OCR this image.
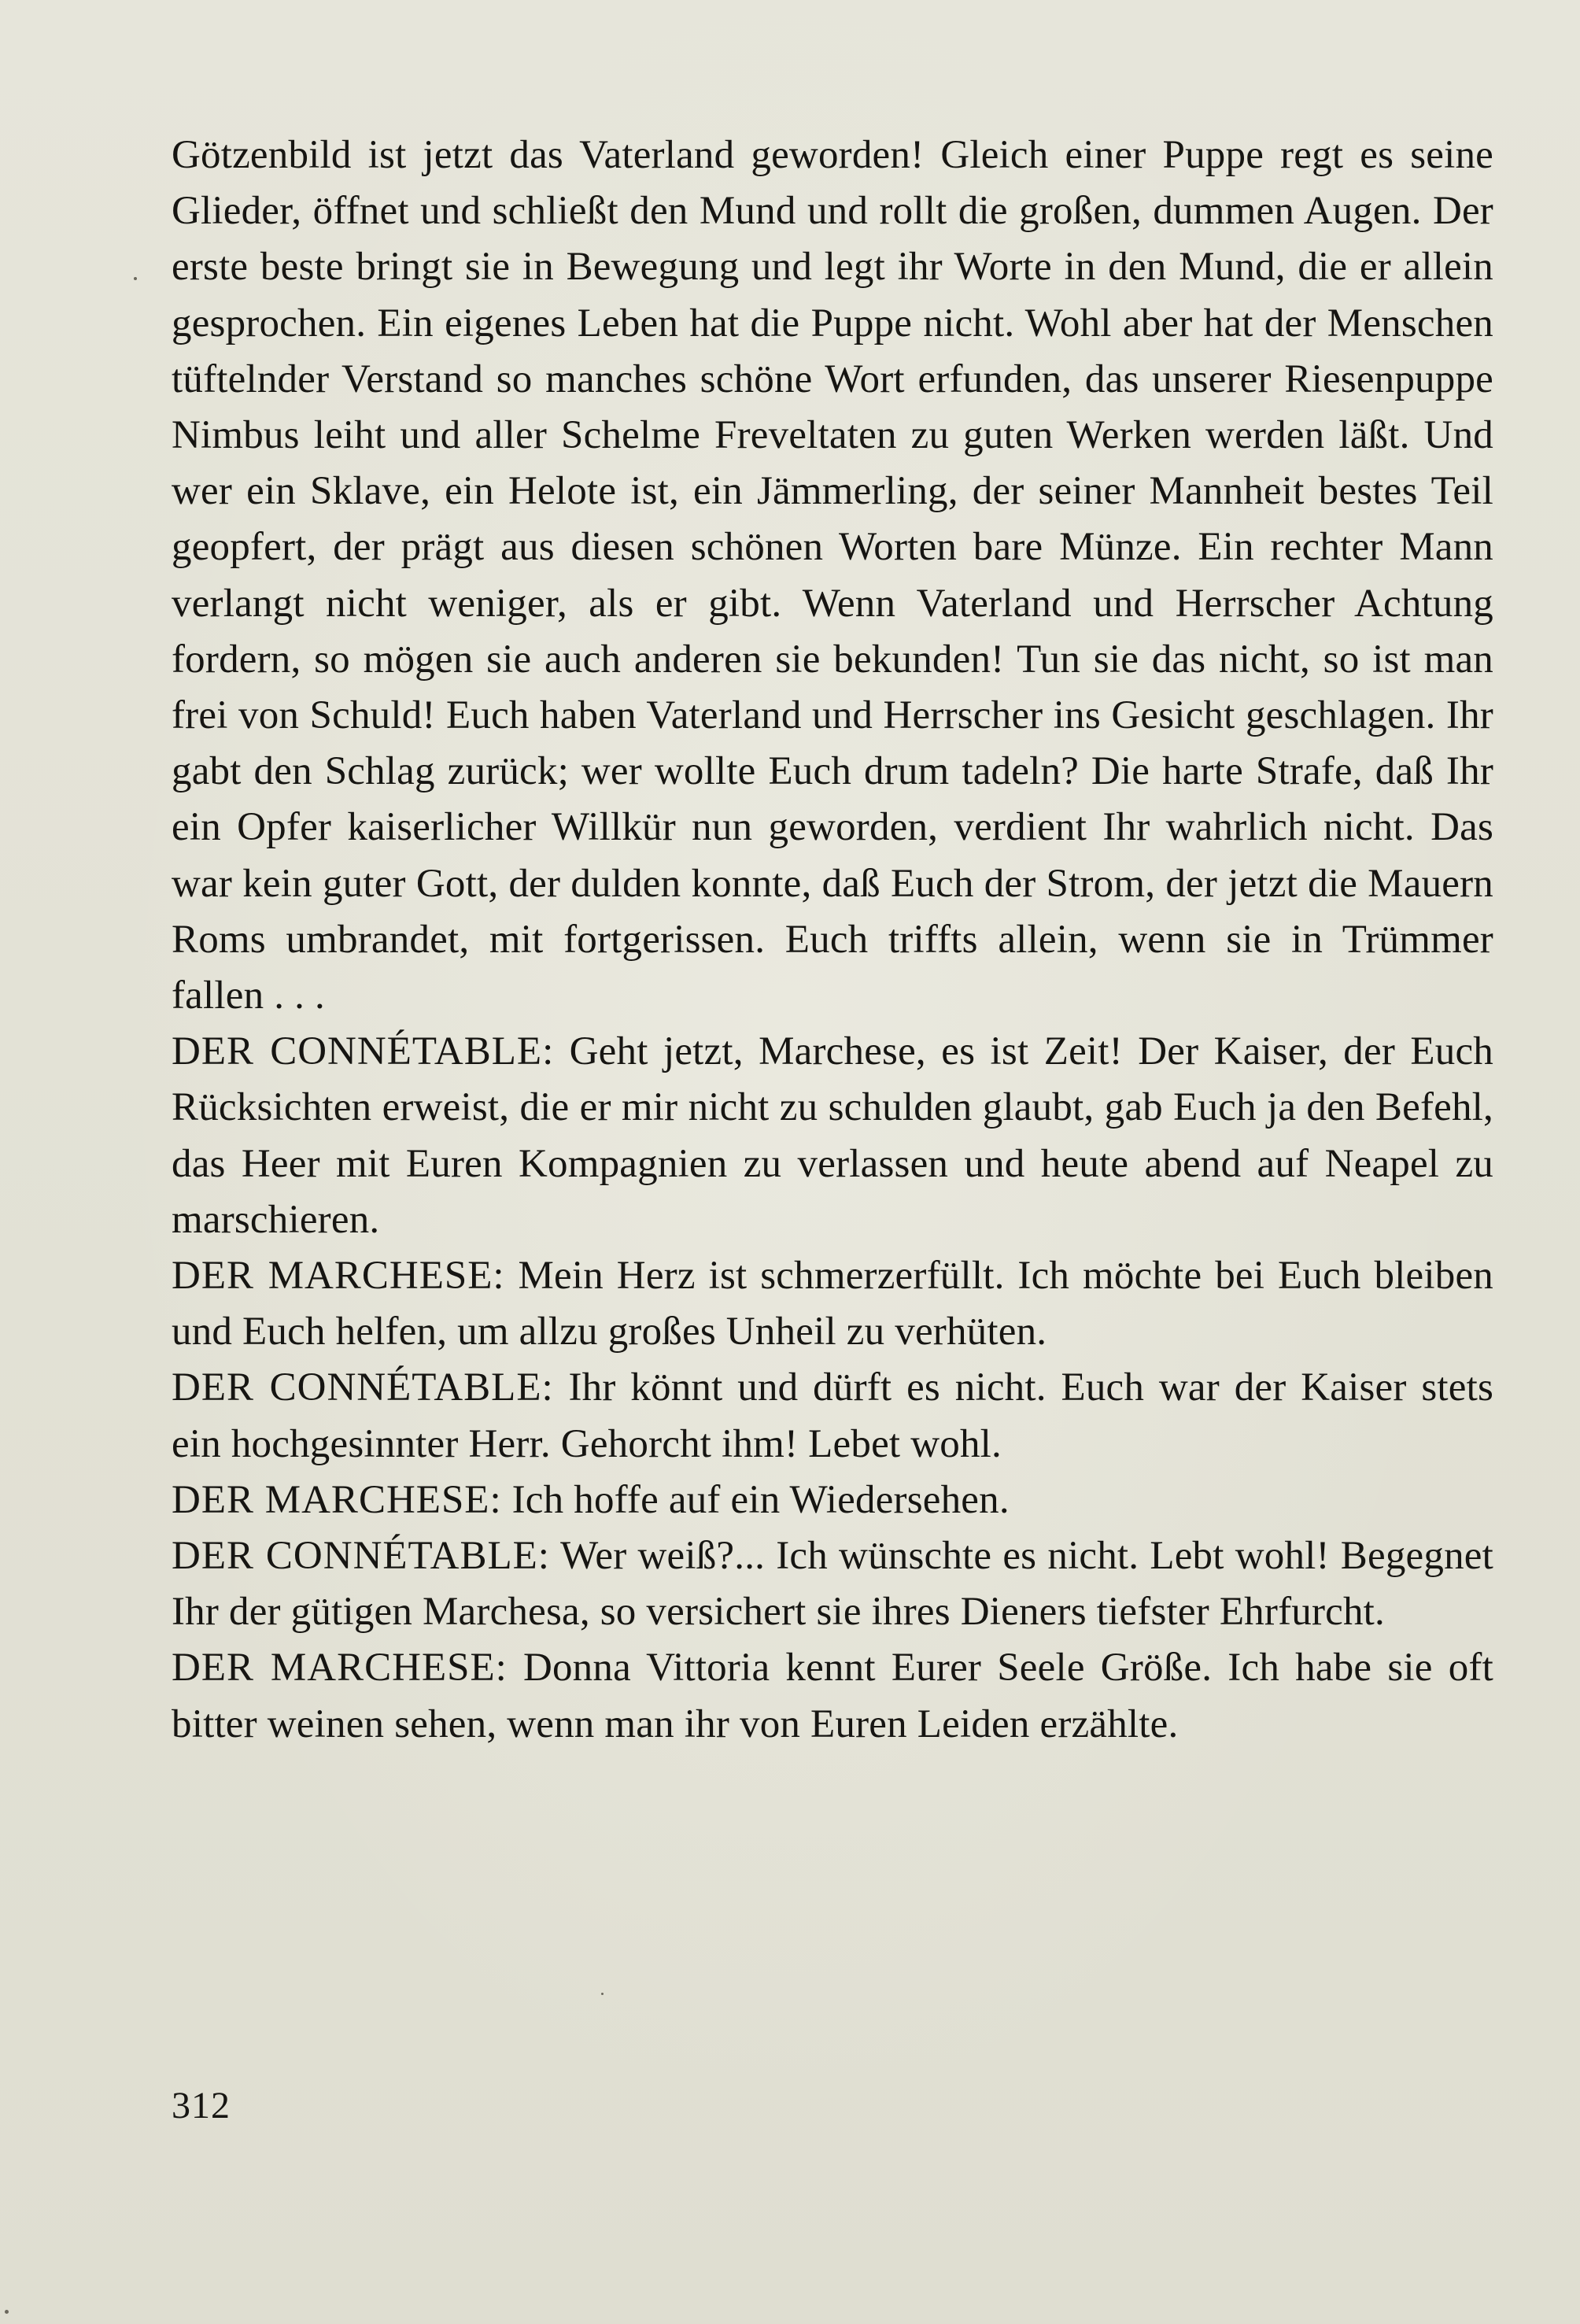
Götzenbild ist jetzt das Vaterland geworden! Gleich einer Puppe regt es seine Glieder, öffnet und schließt den Mund und rollt die großen, dummen Augen. Der erste beste bringt sie in Bewegung und legt ihr Worte in den Mund, die er allein gesprochen. Ein eigenes Leben hat die Puppe nicht. Wohl aber hat der Menschen tüftelnder Verstand so manches schöne Wort erfunden, das unserer Riesenpuppe Nimbus leiht und aller Schelme Freveltaten zu guten Werken werden läßt. Und wer ein Sklave, ein Helote ist, ein Jämmerling, der seiner Mannheit bestes Teil geopfert, der prägt aus diesen schönen Worten bare Münze. Ein rechter Mann verlangt nicht weniger, als er gibt. Wenn Vaterland und Herrscher Achtung fordern, so mögen sie auch anderen sie bekunden! Tun sie das nicht, so ist man frei von Schuld! Euch haben Vaterland und Herrscher ins Gesicht geschlagen. Ihr gabt den Schlag zurück; wer wollte Euch drum tadeln? Die harte Strafe, daß Ihr ein Opfer kaiserlicher Willkür nun geworden, verdient Ihr wahrlich nicht. Das war kein guter Gott, der dulden konnte, daß Euch der Strom, der jetzt die Mauern Roms umbrandet, mit fortgerissen. Euch triffts allein, wenn sie in Trümmer fallen . . .

DER CONNÉTABLE: Geht jetzt, Marchese, es ist Zeit! Der Kaiser, der Euch Rücksichten erweist, die er mir nicht zu schulden glaubt, gab Euch ja den Befehl, das Heer mit Euren Kompagnien zu verlassen und heute abend auf Neapel zu marschieren.

DER MARCHESE: Mein Herz ist schmerzerfüllt. Ich möchte bei Euch bleiben und Euch helfen, um allzu großes Unheil zu verhüten.

DER CONNÉTABLE: Ihr könnt und dürft es nicht. Euch war der Kaiser stets ein hochgesinnter Herr. Gehorcht ihm! Lebet wohl.

DER MARCHESE: Ich hoffe auf ein Wiedersehen.

DER CONNÉTABLE: Wer weiß?... Ich wünschte es nicht. Lebt wohl! Begegnet Ihr der gütigen Marchesa, so versichert sie ihres Dieners tiefster Ehrfurcht.

DER MARCHESE: Donna Vittoria kennt Eurer Seele Größe. Ich habe sie oft bitter weinen sehen, wenn man ihr von Euren Leiden erzählte.

312
